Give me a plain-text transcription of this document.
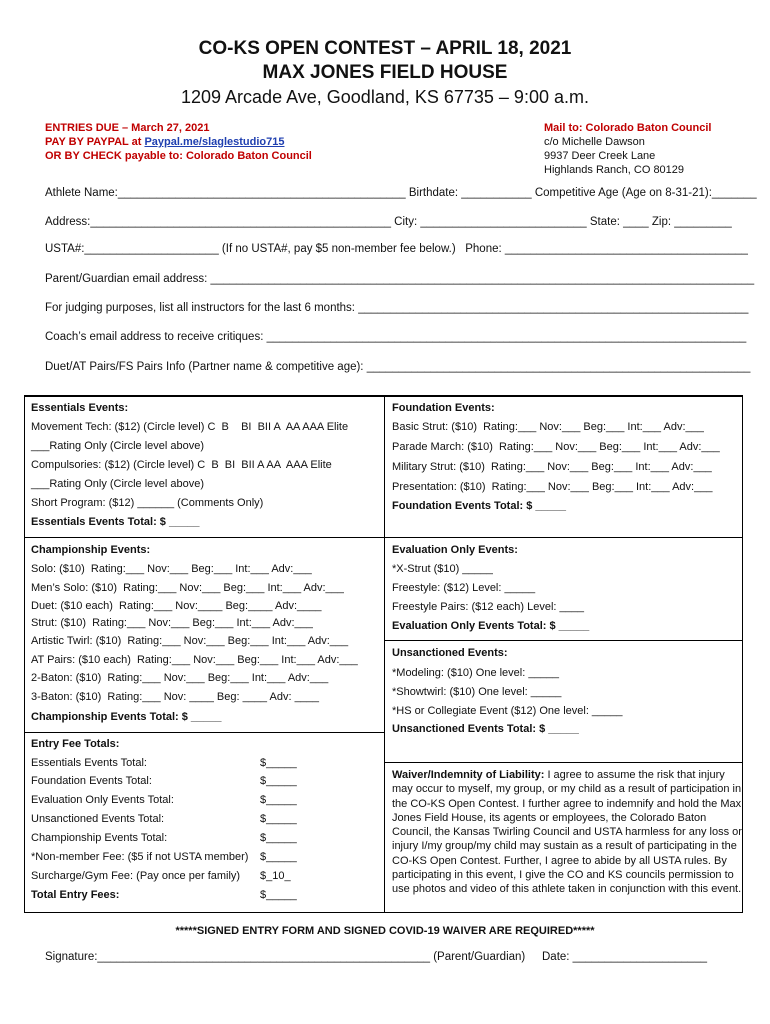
CO-KS OPEN CONTEST – APRIL 18, 2021
MAX JONES FIELD HOUSE
1209 Arcade Ave, Goodland, KS 67735 – 9:00 a.m.
ENTRIES DUE – March 27, 2021
PAY BY PAYPAL at Paypal.me/slaglestudio715
OR BY CHECK payable to: Colorado Baton Council
Mail to: Colorado Baton Council
c/o Michelle Dawson
9937 Deer Creek Lane
Highlands Ranch, CO 80129
Athlete Name:_____________________________________________ Birthdate: ___________ Competitive Age (Age on 8-31-21):_______
Address:_______________________________________________ City: __________________________ State: ____ Zip: _________
USTA#:_____________________ (If no USTA#, pay $5 non-member fee below.)   Phone: ______________________________________
Parent/Guardian email address: _____________________________________________________________________________________
For judging purposes, list all instructors for the last 6 months: _____________________________________________________________
Coach’s email address to receive critiques: ___________________________________________________________________________
Duet/AT Pairs/FS Pairs Info (Partner name & competitive age): ____________________________________________________________
Essentials Events:
Movement Tech: ($12) (Circle level) C  B    BI  BII A  AA AAA Elite
___Rating Only (Circle level above)
Compulsories: ($12) (Circle level) C  B  BI  BII A AA  AAA Elite
___Rating Only (Circle level above)
Short Program: ($12) ______ (Comments Only)
Essentials Events Total: $ _____
Foundation Events:
Basic Strut: ($10)  Rating:___ Nov:___ Beg:___ Int:___ Adv:___
Parade March: ($10)  Rating:___ Nov:___ Beg:___ Int:___ Adv:___
Military Strut: ($10)  Rating:___ Nov:___ Beg:___ Int:___ Adv:___
Presentation: ($10)  Rating:___ Nov:___ Beg:___ Int:___ Adv:___
Foundation Events Total: $ _____
Championship Events:
Solo: ($10)  Rating:___ Nov:___ Beg:___ Int:___ Adv:___
Men’s Solo: ($10)  Rating:___ Nov:___ Beg:___ Int:___ Adv:___
Duet: ($10 each)  Rating:___ Nov:____ Beg:____ Adv:____
Strut: ($10)  Rating:___ Nov:___ Beg:___ Int:___ Adv:___
Artistic Twirl: ($10)  Rating:___ Nov:___ Beg:___ Int:___ Adv:___
AT Pairs: ($10 each)  Rating:___ Nov:___ Beg:___ Int:___ Adv:___
2-Baton: ($10)  Rating:___ Nov:___ Beg:___ Int:___ Adv:___
3-Baton: ($10)  Rating:___ Nov: ____ Beg: ____ Adv: ____
Championship Events Total: $ _____
Evaluation Only Events:
*X-Strut ($10) _____
Freestyle: ($12) Level: _____
Freestyle Pairs: ($12 each) Level: ____
Evaluation Only Events Total: $ _____
Unsanctioned Events:
*Modeling: ($10) One level: _____
*Showtwirl: ($10) One level: _____
*HS or Collegiate Event ($12) One level: _____
Unsanctioned Events Total: $ _____
Entry Fee Totals:
Essentials Events Total:	$_____
Foundation Events Total:	$_____
Evaluation Only Events Total:	$_____
Unsanctioned Events Total:	$_____
Championship Events Total:	$_____
*Non-member Fee: ($5 if not USTA member) $_____
Surcharge/Gym Fee: (Pay once per family) $_10_
Total Entry Fees:	$_____
Waiver/Indemnity of Liability: I agree to assume the risk that injury may occur to myself, my group, or my child as a result of participation in the CO-KS Open Contest. I further agree to indemnify and hold the Max Jones Field House, its agents or employees, the Colorado Baton Council, the Kansas Twirling Council and USTA harmless for any loss or injury I/my group/my child may sustain as a result of participating in the CO-KS Open Contest. Further, I agree to abide by all USTA rules. By participating in this event, I give the CO and KS councils permission to use photos and video of this athlete taken in conjunction with this event.
*****SIGNED ENTRY FORM AND SIGNED COVID-19 WAIVER ARE REQUIRED*****
Signature:____________________________________________________ (Parent/Guardian) Date: _____________________
